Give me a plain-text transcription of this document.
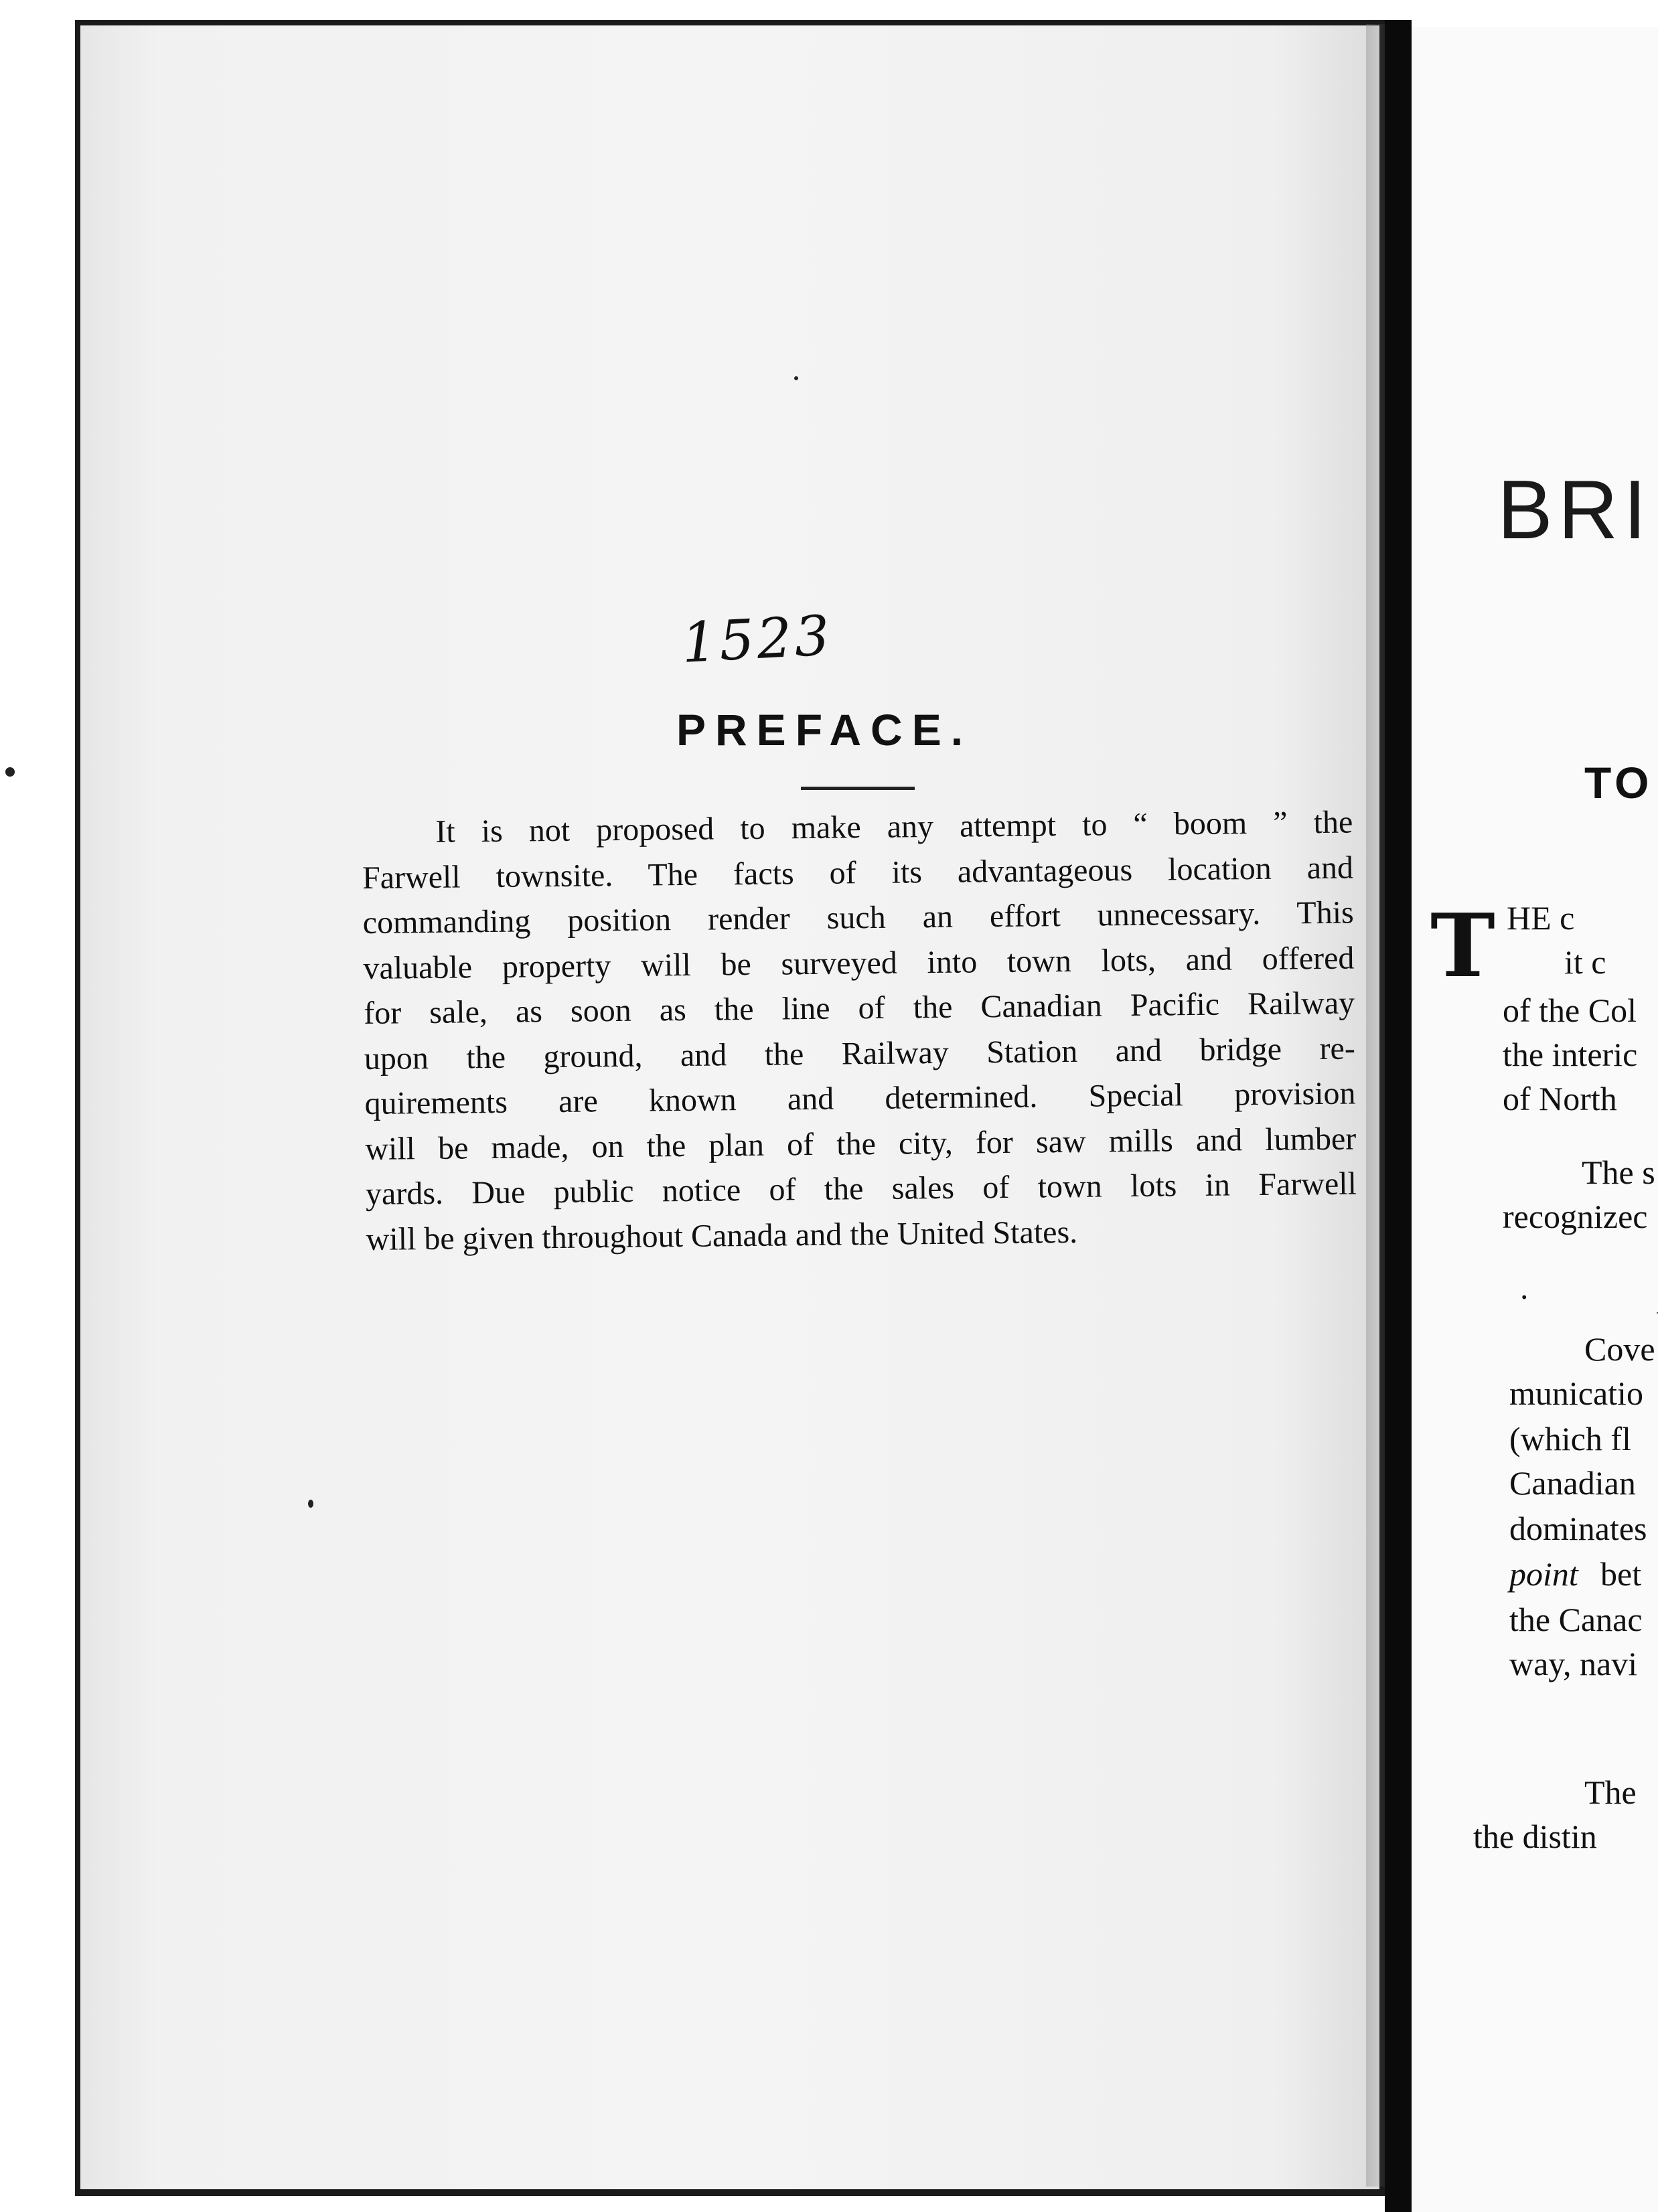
1523
PREFACE.
It is not proposed to make any attempt to “ boom ” the
Farwell townsite. The facts of its advantageous location and
commanding position render such an effort unnecessary. This
valuable property will be surveyed into town lots, and offered
for sale, as soon as the line of the Canadian Pacific Railway
upon the ground, and the Railway Station and bridge re-
quirements are known and determined. Special provision
will be made, on the plan of the city, for saw mills and lumber
yards. Due public notice of the sales of town lots in Farwell
will be given throughout Canada and the United States.
BRI
TO
T HE c
it c
of the Col
the interic
of North
The s
recognizec
.
Cove
municatio
(which fl
Canadian
dominates
point bet
the Canac
way, navi
The
the distin
